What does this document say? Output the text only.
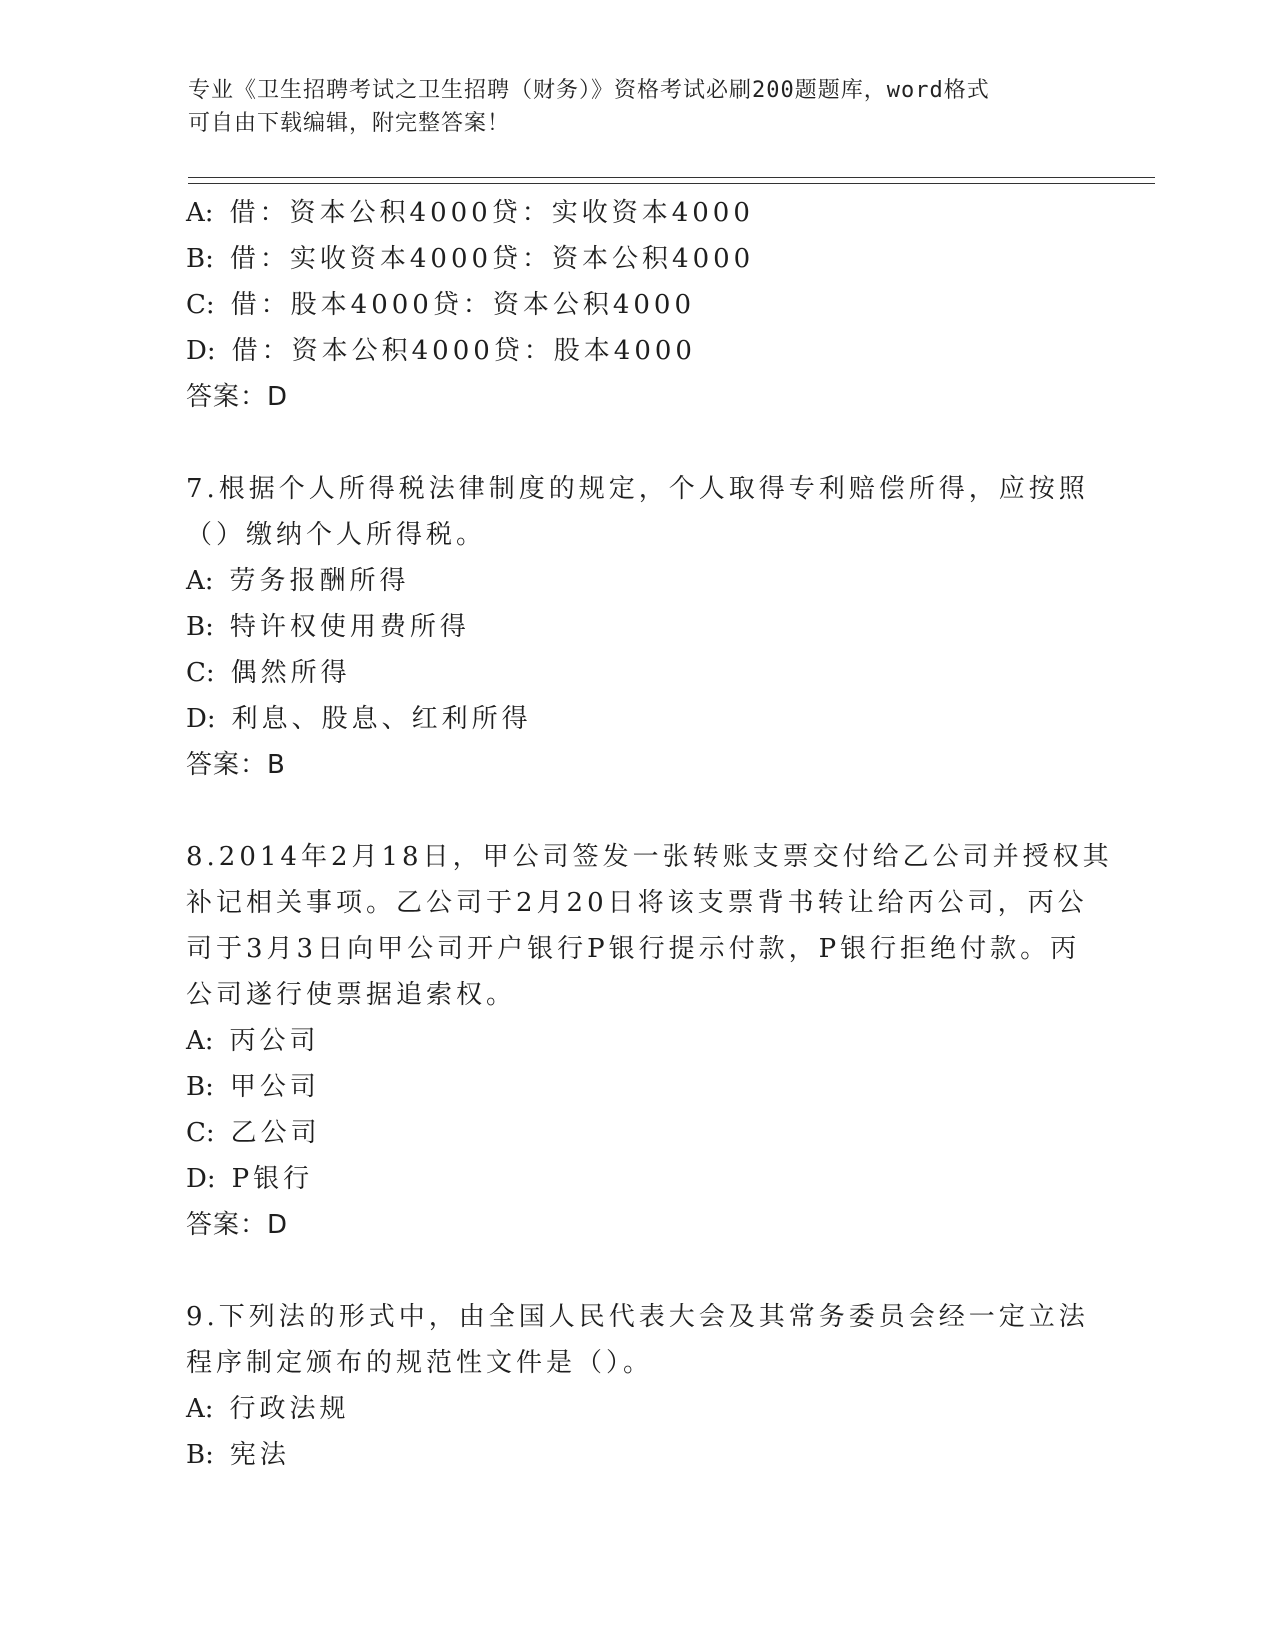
专业《卫生招聘考试之卫生招聘（财务）》资格考试必刷200题题库，word格式
可自由下载编辑，附完整答案！
A: 借：资本公积4000贷：实收资本4000
B: 借：实收资本4000贷：资本公积4000
C: 借：股本4000贷：资本公积4000
D: 借：资本公积4000贷：股本4000
答案：D
7.根据个人所得税法律制度的规定，个人取得专利赔偿所得，应按照
（）缴纳个人所得税。
A: 劳务报酬所得
B: 特许权使用费所得
C: 偶然所得
D: 利息、股息、红利所得
答案：B
8.2014年2月18日，甲公司签发一张转账支票交付给乙公司并授权其
补记相关事项。乙公司于2月20日将该支票背书转让给丙公司，丙公
司于3月3日向甲公司开户银行P银行提示付款，P银行拒绝付款。丙
公司遂行使票据追索权。
A: 丙公司
B: 甲公司
C: 乙公司
D: P银行
答案：D
9.下列法的形式中，由全国人民代表大会及其常务委员会经一定立法
程序制定颁布的规范性文件是（）。
A: 行政法规
B: 宪法
